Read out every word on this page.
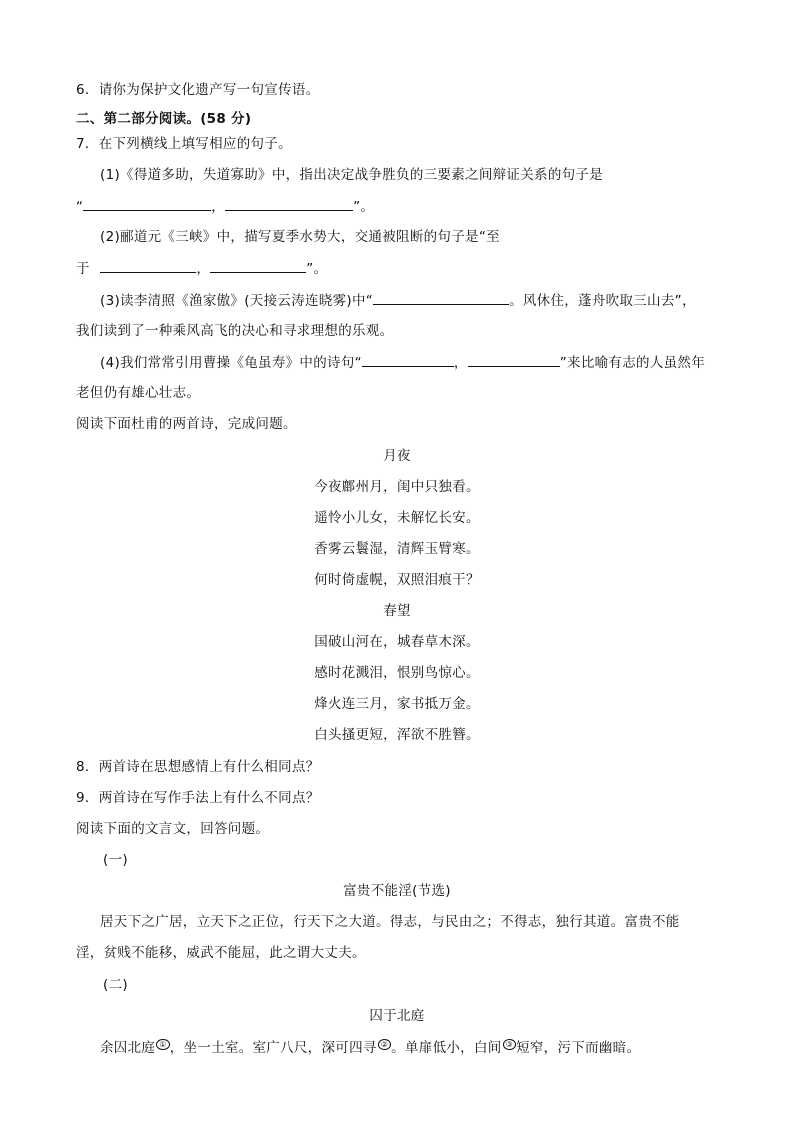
6．请你为保护文化遗产写一句宣传语。

二、第二部分阅读。(58 分)

7．在下列横线上填写相应的句子。

(1)《得道多助，失道寡助》中，指出决定战争胜负的三要素之间辩证关系的句子是

“	，	”。

(2)郦道元《三峡》中，描写夏季水势大，交通被阻断的句子是“至

于	，	”。

(3)读李清照《渔家傲》(天接云涛连晓雾)中“	。风休住，蓬舟吹取三山去”，

我们读到了一种乘风高飞的决心和寻求理想的乐观。

(4)我们常常引用曹操《龟虽寿》中的诗句“	，	”来比喻有志的人虽然年

老但仍有雄心壮志。

阅读下面杜甫的两首诗，完成问题。

月夜

今夜鄜州月，闺中只独看。

遥怜小儿女，未解忆长安。

香雾云鬟湿，清辉玉臂寒。

何时倚虚幌，双照泪痕干？

春望

国破山河在，城春草木深。

感时花溅泪，恨别鸟惊心。

烽火连三月，家书抵万金。

白头搔更短，浑欲不胜簪。

8．两首诗在思想感情上有什么相同点？

9．两首诗在写作手法上有什么不同点？

阅读下面的文言文，回答问题。

(一)

富贵不能淫(节选)

居天下之广居，立天下之正位，行天下之大道。得志，与民由之；不得志，独行其道。富贵不能

淫，贫贱不能移，威武不能屈，此之谓大丈夫。

(二)

囚于北庭

余囚北庭 ① ，坐一土室。室广八尺，深可四寻 ② 。单扉低小，白间 ③ 短窄，污下而幽暗。
